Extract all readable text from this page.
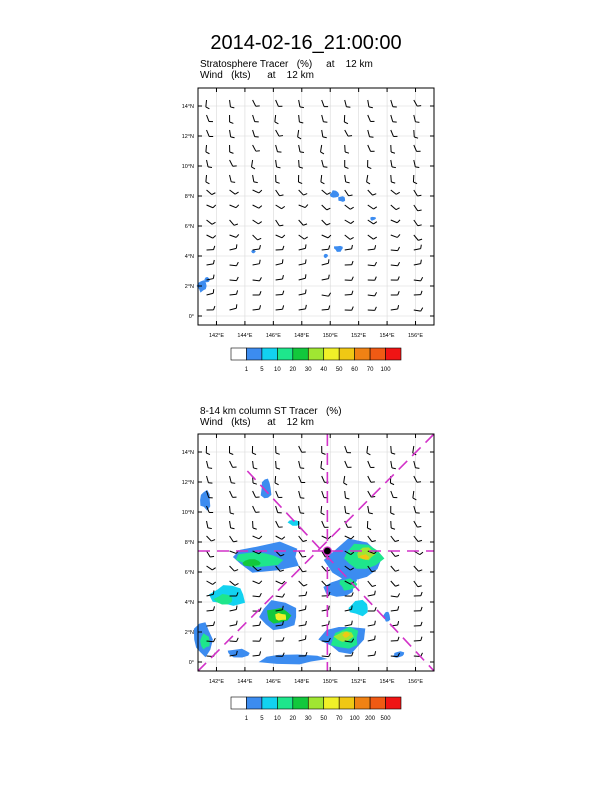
2014-02-16_21:00:00
Stratosphere Tracer   (%)     at    12 km
Wind   (kts)      at    12 km
0°
2°N
4°N
6°N
8°N
10°N
12°N
14°N
142°E 144°E 146°E 148°E 150°E 152°E 154°E 156°E
1 5 10 20 30 40 50 60 70 100
0°
2°N
4°N
6°N
8°N
10°N
12°N
14°N
142°E 144°E 146°E 148°E 150°E 152°E 154°E 156°E
1 5 10 20 30 50 70 100 200 500
8-14 km column ST Tracer   (%)
Wind   (kts)      at    12 km
